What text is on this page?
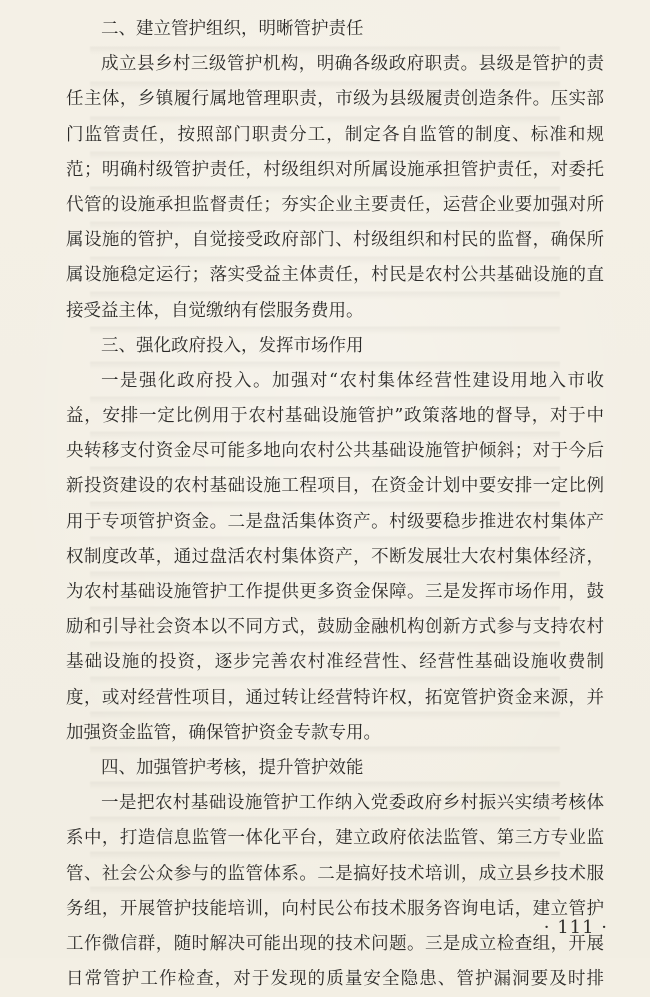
二、建立管护组织，明晰管护责任
成立县乡村三级管护机构，明确各级政府职责。县级是管护的责
任主体，乡镇履行属地管理职责，市级为县级履责创造条件。压实部
门监管责任，按照部门职责分工，制定各自监管的制度、标准和规
范；明确村级管护责任，村级组织对所属设施承担管护责任，对委托
代管的设施承担监督责任；夯实企业主要责任，运营企业要加强对所
属设施的管护，自觉接受政府部门、村级组织和村民的监督，确保所
属设施稳定运行；落实受益主体责任，村民是农村公共基础设施的直
接受益主体，自觉缴纳有偿服务费用。
三、强化政府投入，发挥市场作用
一是强化政府投入。加强对“农村集体经营性建设用地入市收
益，安排一定比例用于农村基础设施管护”政策落地的督导，对于中
央转移支付资金尽可能多地向农村公共基础设施管护倾斜；对于今后
新投资建设的农村基础设施工程项目，在资金计划中要安排一定比例
用于专项管护资金。二是盘活集体资产。村级要稳步推进农村集体产
权制度改革，通过盘活农村集体资产，不断发展壮大农村集体经济，
为农村基础设施管护工作提供更多资金保障。三是发挥市场作用，鼓
励和引导社会资本以不同方式，鼓励金融机构创新方式参与支持农村
基础设施的投资，逐步完善农村准经营性、经营性基础设施收费制
度，或对经营性项目，通过转让经营特许权，拓宽管护资金来源，并
加强资金监管，确保管护资金专款专用。
四、加强管护考核，提升管护效能
一是把农村基础设施管护工作纳入党委政府乡村振兴实绩考核体
系中，打造信息监管一体化平台，建立政府依法监管、第三方专业监
管、社会公众参与的监管体系。二是搞好技术培训，成立县乡技术服
务组，开展管护技能培训，向村民公布技术服务咨询电话，建立管护
工作微信群，随时解决可能出现的技术问题。三是成立检查组，开展
日常管护工作检查，对于发现的质量安全隐患、管护漏洞要及时排
· 111 ·
